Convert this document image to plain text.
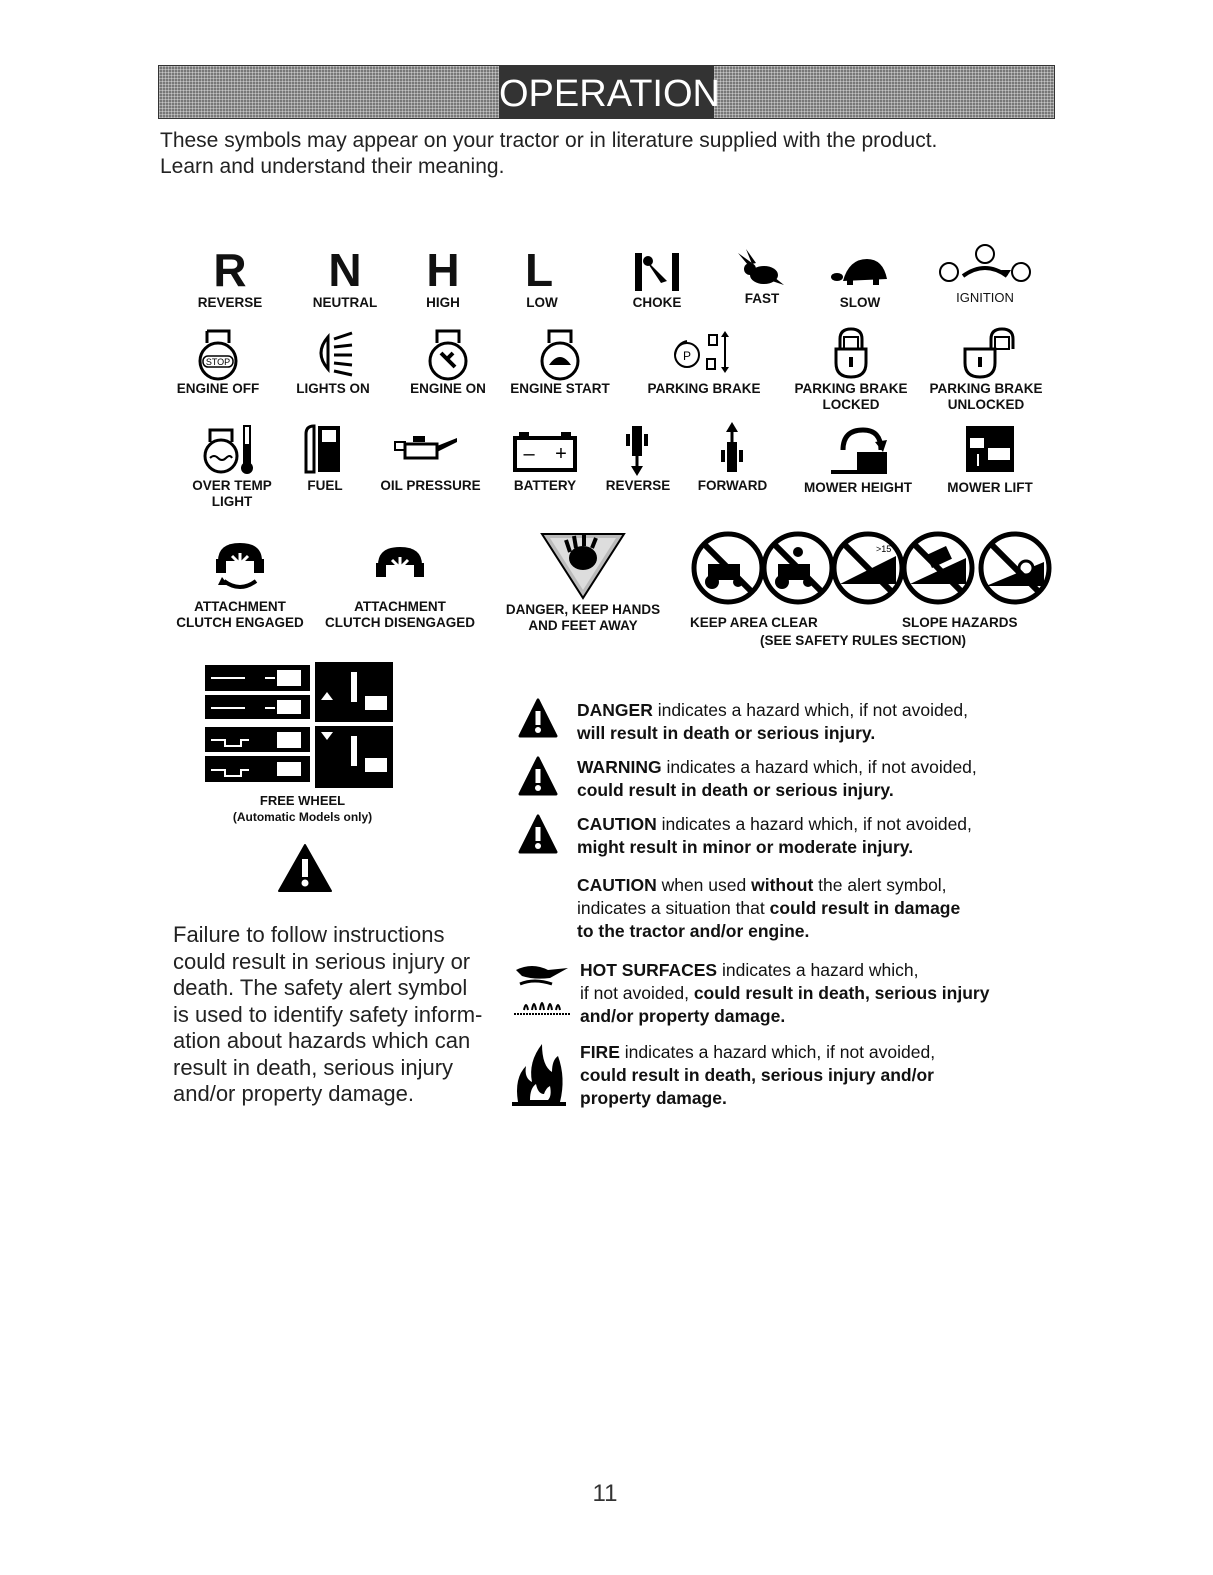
OPERATION
These symbols may appear on your tractor or in literature supplied with the product.
Learn and understand their meaning.
R
REVERSE
N
NEUTRAL
H
HIGH
L
LOW	CHOKE	FAST	SLOW	IGNITION
STOP
ENGINE OFF	LIGHTS ON	ENGINE ON	ENGINE START
P
PARKING BRAKE	PARKING BRAKE
LOCKED
PARKING BRAKE
UNLOCKED
OVER TEMP
LIGHT
FUEL	OIL PRESSURE
– +
BATTERY	REVERSE	FORWARD	MOWER HEIGHT	MOWER LIFT
ATTACHMENT
CLUTCH ENGAGED
ATTACHMENT
CLUTCH DISENGAGED
DANGER, KEEP HANDS
AND FEET AWAY
>15
KEEP AREA CLEAR	SLOPE HAZARDS
(SEE SAFETY RULES SECTION)
FREE WHEEL
(Automatic Models only)
Failure to follow instructions
could result in serious injury or
death. The safety alert symbol
is used to identify safety inform-
ation about hazards which can
result in death, serious injury
and/or property damage.
DANGER indicates a hazard which, if not avoided,
will result in death or serious injury.
WARNING indicates a hazard which, if not avoided,
could result in death or serious injury.
CAUTION indicates a hazard which, if not avoided,
might result in minor or moderate injury.
CAUTION when used without the alert symbol,
indicates a situation that could result in damage
to the tractor and/or engine.
HOT SURFACES indicates a hazard which,
if not avoided, could result in death, serious injury
and/or property damage.
FIRE indicates a hazard which, if not avoided,
could result in death, serious injury and/or
property damage.
11
